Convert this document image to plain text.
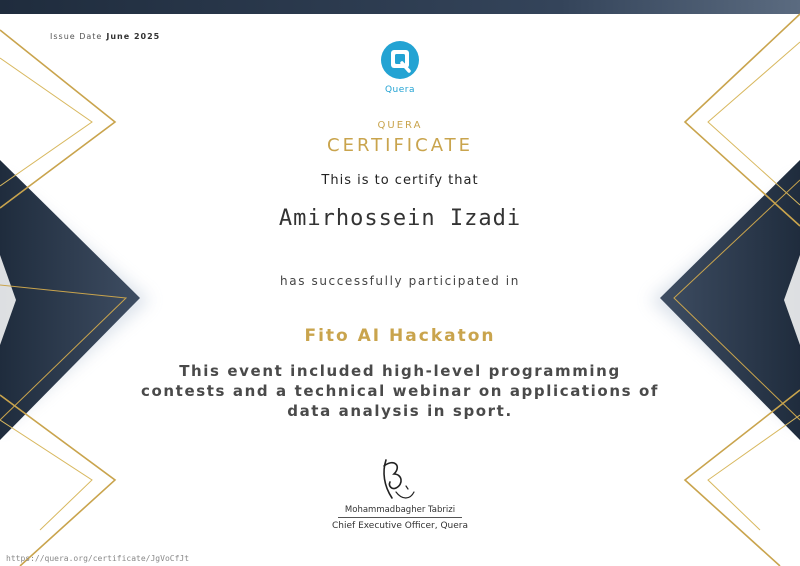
Issue Date June 2025
Quera
QUERA
CERTIFICATE
This is to certify that
Amirhossein Izadi
has successfully participated in
Fito AI Hackaton
This event included high-level programming contests and a technical webinar on applications of data analysis in sport.
Mohammadbagher Tabrizi
Chief Executive Officer, Quera
https://quera.org/certificate/JgVoCfJt
